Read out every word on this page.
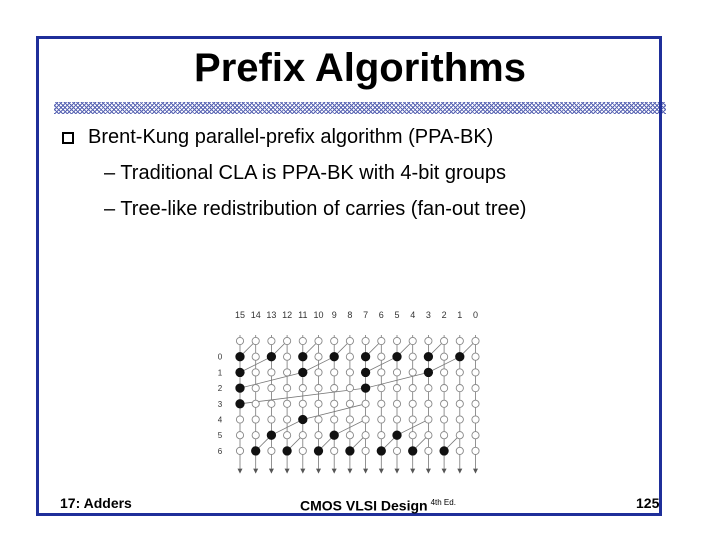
Prefix Algorithms
Brent-Kung parallel-prefix algorithm (PPA-BK)
– Traditional CLA is PPA-BK with 4-bit groups
– Tree-like redistribution of carries (fan-out tree)
15 14 13 12 11 10 9 8 7 6 5 4 3 2 1 0
0
1
2
3
4
5
6
17: Adders	CMOS VLSI Design $^{4th Ed.}$	125
